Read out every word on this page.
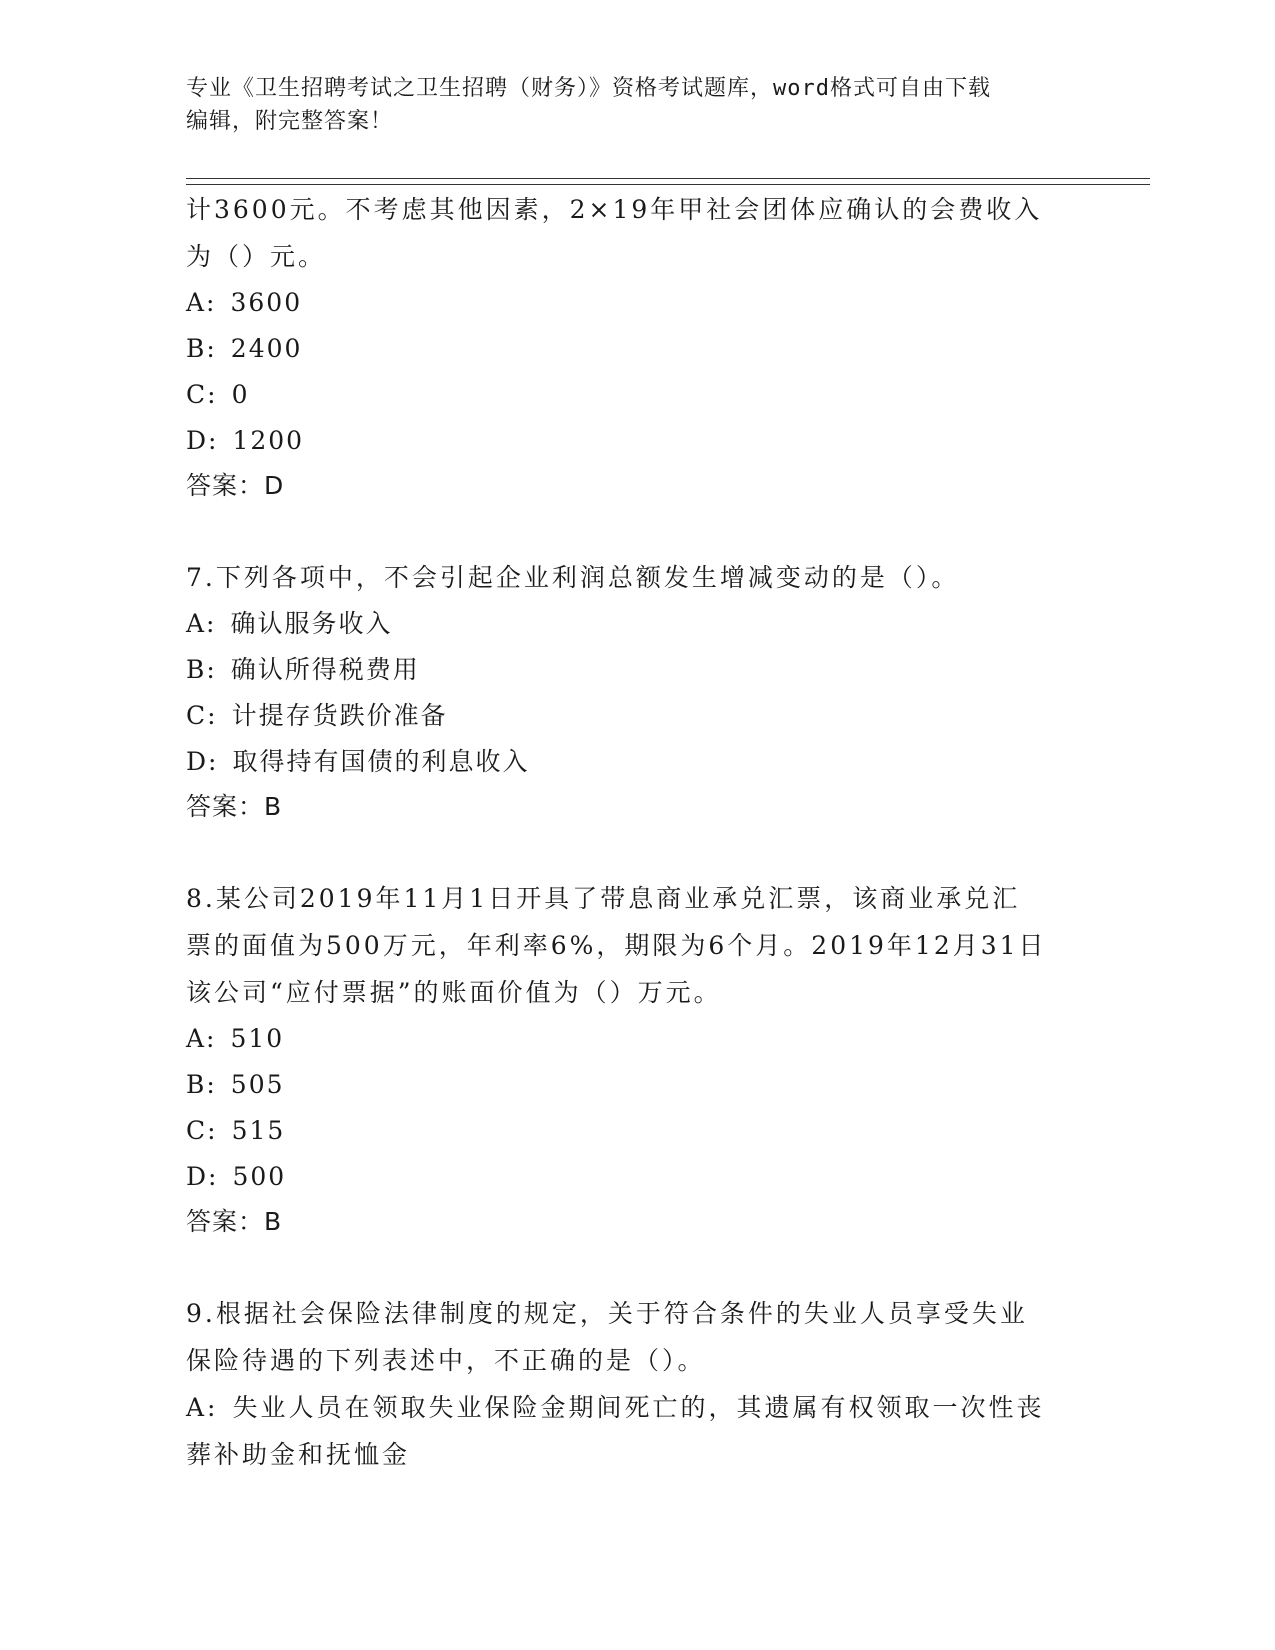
专业《卫生招聘考试之卫生招聘（财务）》资格考试题库，word格式可自由下载
编辑，附完整答案！

计3600元。不考虑其他因素，2×19年甲社会团体应确认的会费收入

为（）元。

A: 3600

B: 2400

C: 0

D: 1200

答案：D

7.下列各项中，不会引起企业利润总额发生增减变动的是（）。

A: 确认服务收入

B: 确认所得税费用

C: 计提存货跌价准备

D: 取得持有国债的利息收入

答案：B

8.某公司2019年11月1日开具了带息商业承兑汇票，该商业承兑汇

票的面值为500万元，年利率6%，期限为6个月。2019年12月31日

该公司“应付票据”的账面价值为（）万元。

A: 510

B: 505

C: 515

D: 500

答案：B

9.根据社会保险法律制度的规定，关于符合条件的失业人员享受失业

保险待遇的下列表述中，不正确的是（）。

A: 失业人员在领取失业保险金期间死亡的，其遗属有权领取一次性丧

葬补助金和抚恤金
